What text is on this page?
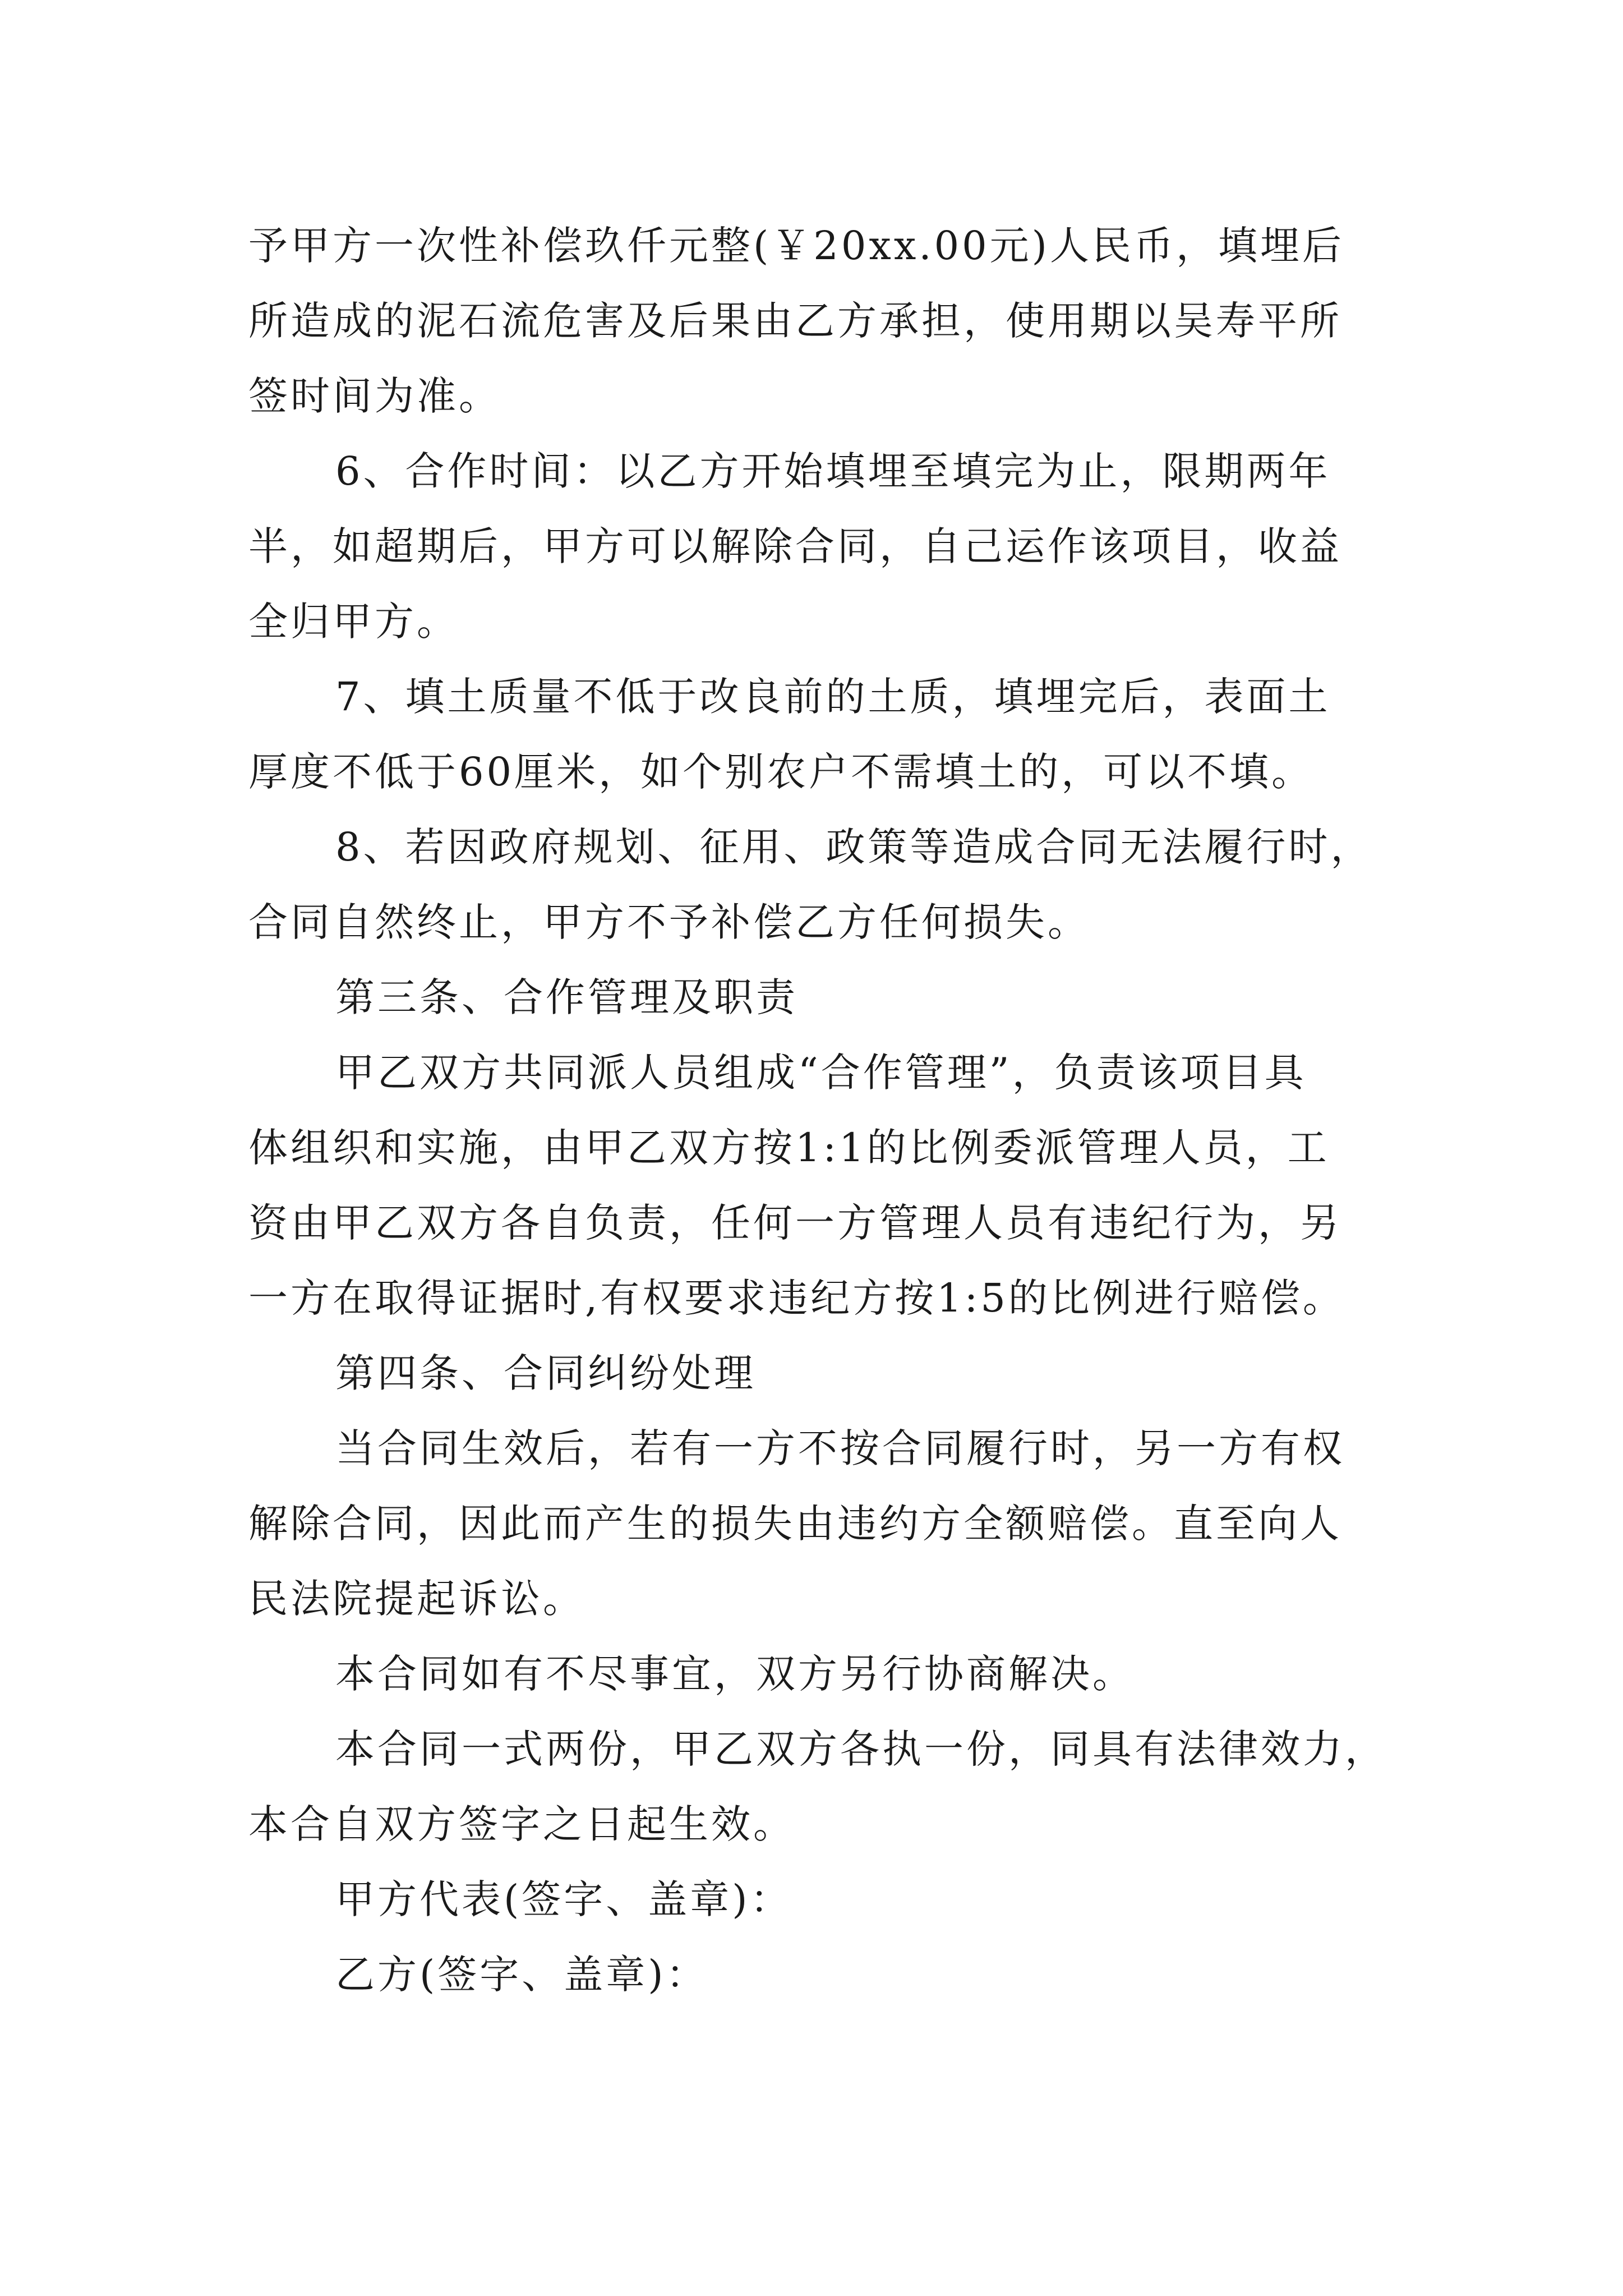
予甲方一次性补偿玖仟元整(￥20xx.00元)人民币，填埋后
所造成的泥石流危害及后果由乙方承担，使用期以吴寿平所
签时间为准。
6、合作时间：以乙方开始填埋至填完为止，限期两年
半，如超期后，甲方可以解除合同，自己运作该项目，收益
全归甲方。
7、填土质量不低于改良前的土质，填埋完后，表面土
厚度不低于60厘米，如个别农户不需填土的，可以不填。
8、若因政府规划、征用、政策等造成合同无法履行时，
合同自然终止，甲方不予补偿乙方任何损失。
第三条、合作管理及职责
甲乙双方共同派人员组成“合作管理”，负责该项目具
体组织和实施，由甲乙双方按1:1的比例委派管理人员，工
资由甲乙双方各自负责，任何一方管理人员有违纪行为，另
一方在取得证据时,有权要求违纪方按1:5的比例进行赔偿。
第四条、合同纠纷处理
当合同生效后，若有一方不按合同履行时，另一方有权
解除合同，因此而产生的损失由违约方全额赔偿。直至向人
民法院提起诉讼。
本合同如有不尽事宜，双方另行协商解决。
本合同一式两份，甲乙双方各执一份，同具有法律效力，
本合自双方签字之日起生效。
甲方代表(签字、盖章)：
乙方(签字、盖章)：
